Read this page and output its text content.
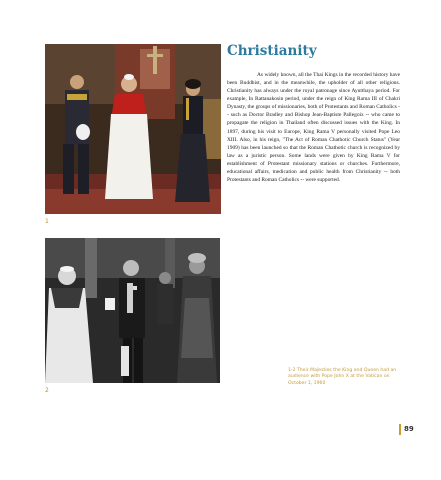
1
2
Christianity

As widely known, all the Thai Kings in the recorded history have been Buddhist, and in the meanwhile, the upholder of all other religions. Christianity has always under the royal patronage since Ayutthaya period. For example, In Rattanakosin period, under the reign of King Rama III of Chakri Dynasty, the groups of missionaries, both of Protestants and Roman Catholics -- such as Doctor Bradley and Bishop Jean-Baptiste Pallegoix -- who came to propagate the religion in Thailand often discussed issues with the King. In 1897, during his visit to Europe, King Rama V personally visited Pope Leo XIII. Also, in his reign, "The Act of Roman Chathotic Church Status" (Year 1909) has been launched so that the Roman Chathotic church is recognized by law as a juristic person. Some lands were given by King Rama V for establishment of Protestant missionary stations or churches. Furthermore, educational affairs, medication and public health from Christianity -- both Protestants and Roman Catholics -- were supported.

1-2 Their Majesties the King and Queen had an audience with Pope John X at the Vatican on October 1, 1960
89
